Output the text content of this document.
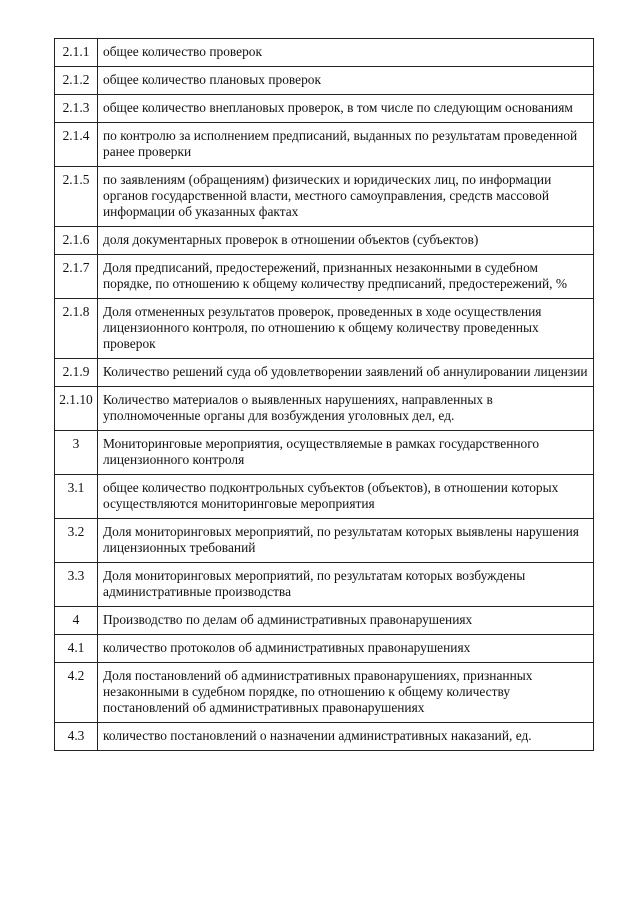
2.1.1	общее количество проверок
2.1.2	общее количество плановых проверок
2.1.3	общее количество внеплановых проверок, в том числе по следующим основаниям
2.1.4	по контролю за исполнением предписаний, выданных по результатам проведенной ранее проверки
2.1.5	по заявлениям (обращениям) физических и юридических лиц, по информации органов государственной власти, местного самоуправления, средств массовой информации об указанных фактах
2.1.6	доля документарных проверок в отношении объектов (субъектов)
2.1.7	Доля предписаний, предостережений, признанных незаконными в судебном порядке, по отношению к общему количеству предписаний, предостережений, %
2.1.8	Доля отмененных результатов проверок, проведенных в ходе осуществления лицензионного контроля, по отношению к общему количеству проведенных проверок
2.1.9	Количество решений суда об удовлетворении заявлений об аннулировании лицензии
2.1.10	Количество материалов о выявленных нарушениях, направленных в уполномоченные органы для возбуждения уголовных дел, ед.
3	Мониторинговые мероприятия, осуществляемые в рамках государственного лицензионного контроля
3.1	общее количество подконтрольных субъектов (объектов), в отношении которых осуществляются мониторинговые мероприятия
3.2	Доля мониторинговых мероприятий, по результатам которых выявлены нарушения лицензионных требований
3.3	Доля мониторинговых мероприятий, по результатам которых возбуждены административные производства
4	Производство по делам об административных правонарушениях
4.1	количество протоколов об административных правонарушениях
4.2	Доля постановлений об административных правонарушениях, признанных незаконными в судебном порядке, по отношению к общему количеству постановлений об административных правонарушениях
4.3	количество постановлений о назначении административных наказаний, ед.
